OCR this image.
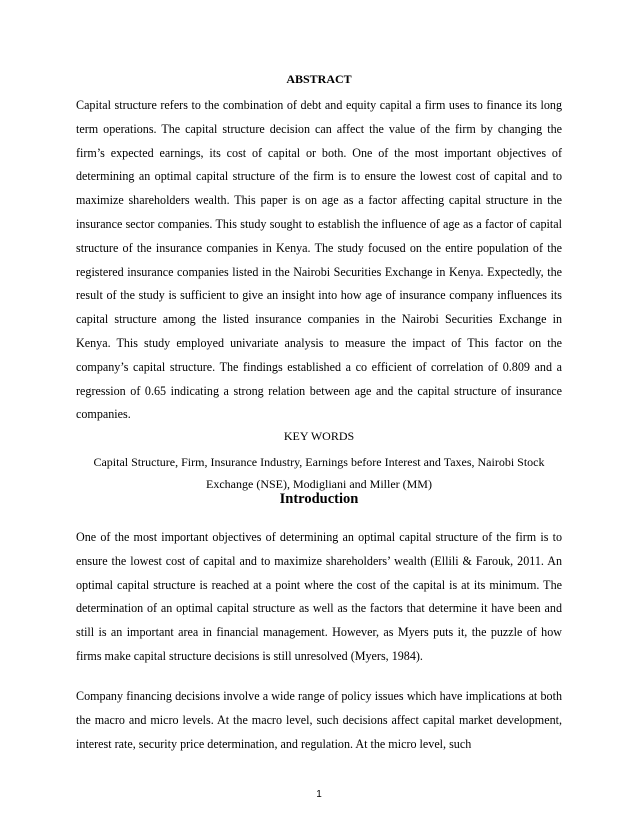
ABSTRACT

Capital structure refers to the combination of debt and equity capital a firm uses to finance its long term operations. The capital structure decision can affect the value of the firm by changing the firm’s expected earnings, its cost of capital or both. One of the most important objectives of determining an optimal capital structure of the firm is to ensure the lowest cost of capital and to maximize shareholders wealth. This paper is on age as a factor affecting capital structure in the insurance sector companies. This study sought to establish the influence of age as a factor of capital structure of the insurance companies in Kenya. The study focused on the entire population of the registered insurance companies listed in the Nairobi Securities Exchange in Kenya. Expectedly, the result of the study is sufficient to give an insight into how age of insurance company influences its capital structure among the listed insurance companies in the Nairobi Securities Exchange in Kenya. This study employed univariate analysis to measure the impact of This factor on the company’s capital structure. The findings established a co efficient of correlation of 0.809 and a regression of 0.65 indicating a strong relation between age and the capital structure of insurance companies.

KEY WORDS

Capital Structure, Firm, Insurance Industry, Earnings before Interest and Taxes, Nairobi Stock Exchange (NSE), Modigliani and Miller (MM)

Introduction

One of the most important objectives of determining an optimal capital structure of the firm is to ensure the lowest cost of capital and to maximize shareholders’ wealth (Ellili & Farouk, 2011. An optimal capital structure is reached at a point where the cost of the capital is at its minimum. The determination of an optimal capital structure as well as the factors that determine it have been and still is an important area in financial management. However, as Myers puts it, the puzzle of how firms make capital structure decisions is still unresolved (Myers, 1984).

Company financing decisions involve a wide range of policy issues which have implications at both the macro and micro levels. At the macro level, such decisions affect capital market development, interest rate, security price determination, and regulation. At the micro level, such

1
